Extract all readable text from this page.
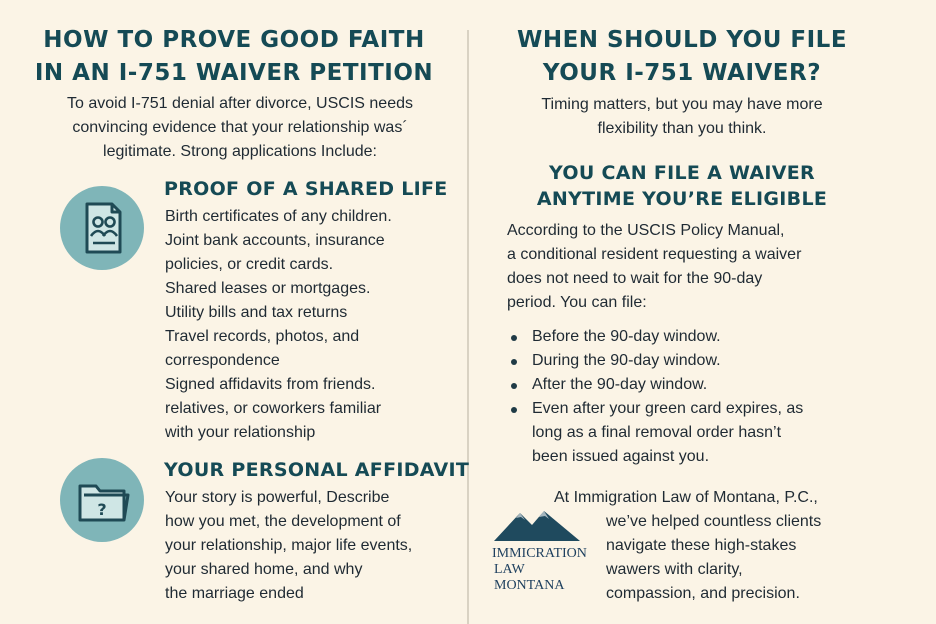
HOW TO PROVE GOOD FAITH
IN AN I-751 WAIVER PETITION

To avoid I-751 denial after divorce, USCIS needs
convincing evidence that your relationship was´
legitimate. Strong applications Include:

PROOF OF A SHARED LIFE
Birth certificates of any children.
Joint bank accounts, insurance
policies, or credit cards.
Shared leases or mortgages.
Utility bills and tax returns
Travel records, photos, and
correspondence
Signed affidavits from friends.
relatives, or coworkers familiar
with your relationship
?
YOUR PERSONAL AFFIDAVIT
Your story is powerful, Describe
how you met, the development of
your relationship, major life events,
your shared home, and why
the marriage ended
WHEN SHOULD YOU FILE
YOUR I-751 WAIVER?

Timing matters, but you may have more
flexibility than you think.

YOU CAN FILE A WAIVER
ANYTIME YOU’RE ELIGIBLE
According to the USCIS Policy Manual,
a conditional resident requesting a waiver
does not need to wait for the 90-day
period. You can file:
Before the 90-day window.
During the 90-day window.
After the 90-day window.
Even after your green card expires, as
long as a final removal order hasn’t
been issued against you.
IMMICRATION
LAW MONTANA
At Immigration Law of Montana, P.C.,
we’ve helped countless clients
navigate these high-stakes
wawers with clarity,
compassion, and precision.
